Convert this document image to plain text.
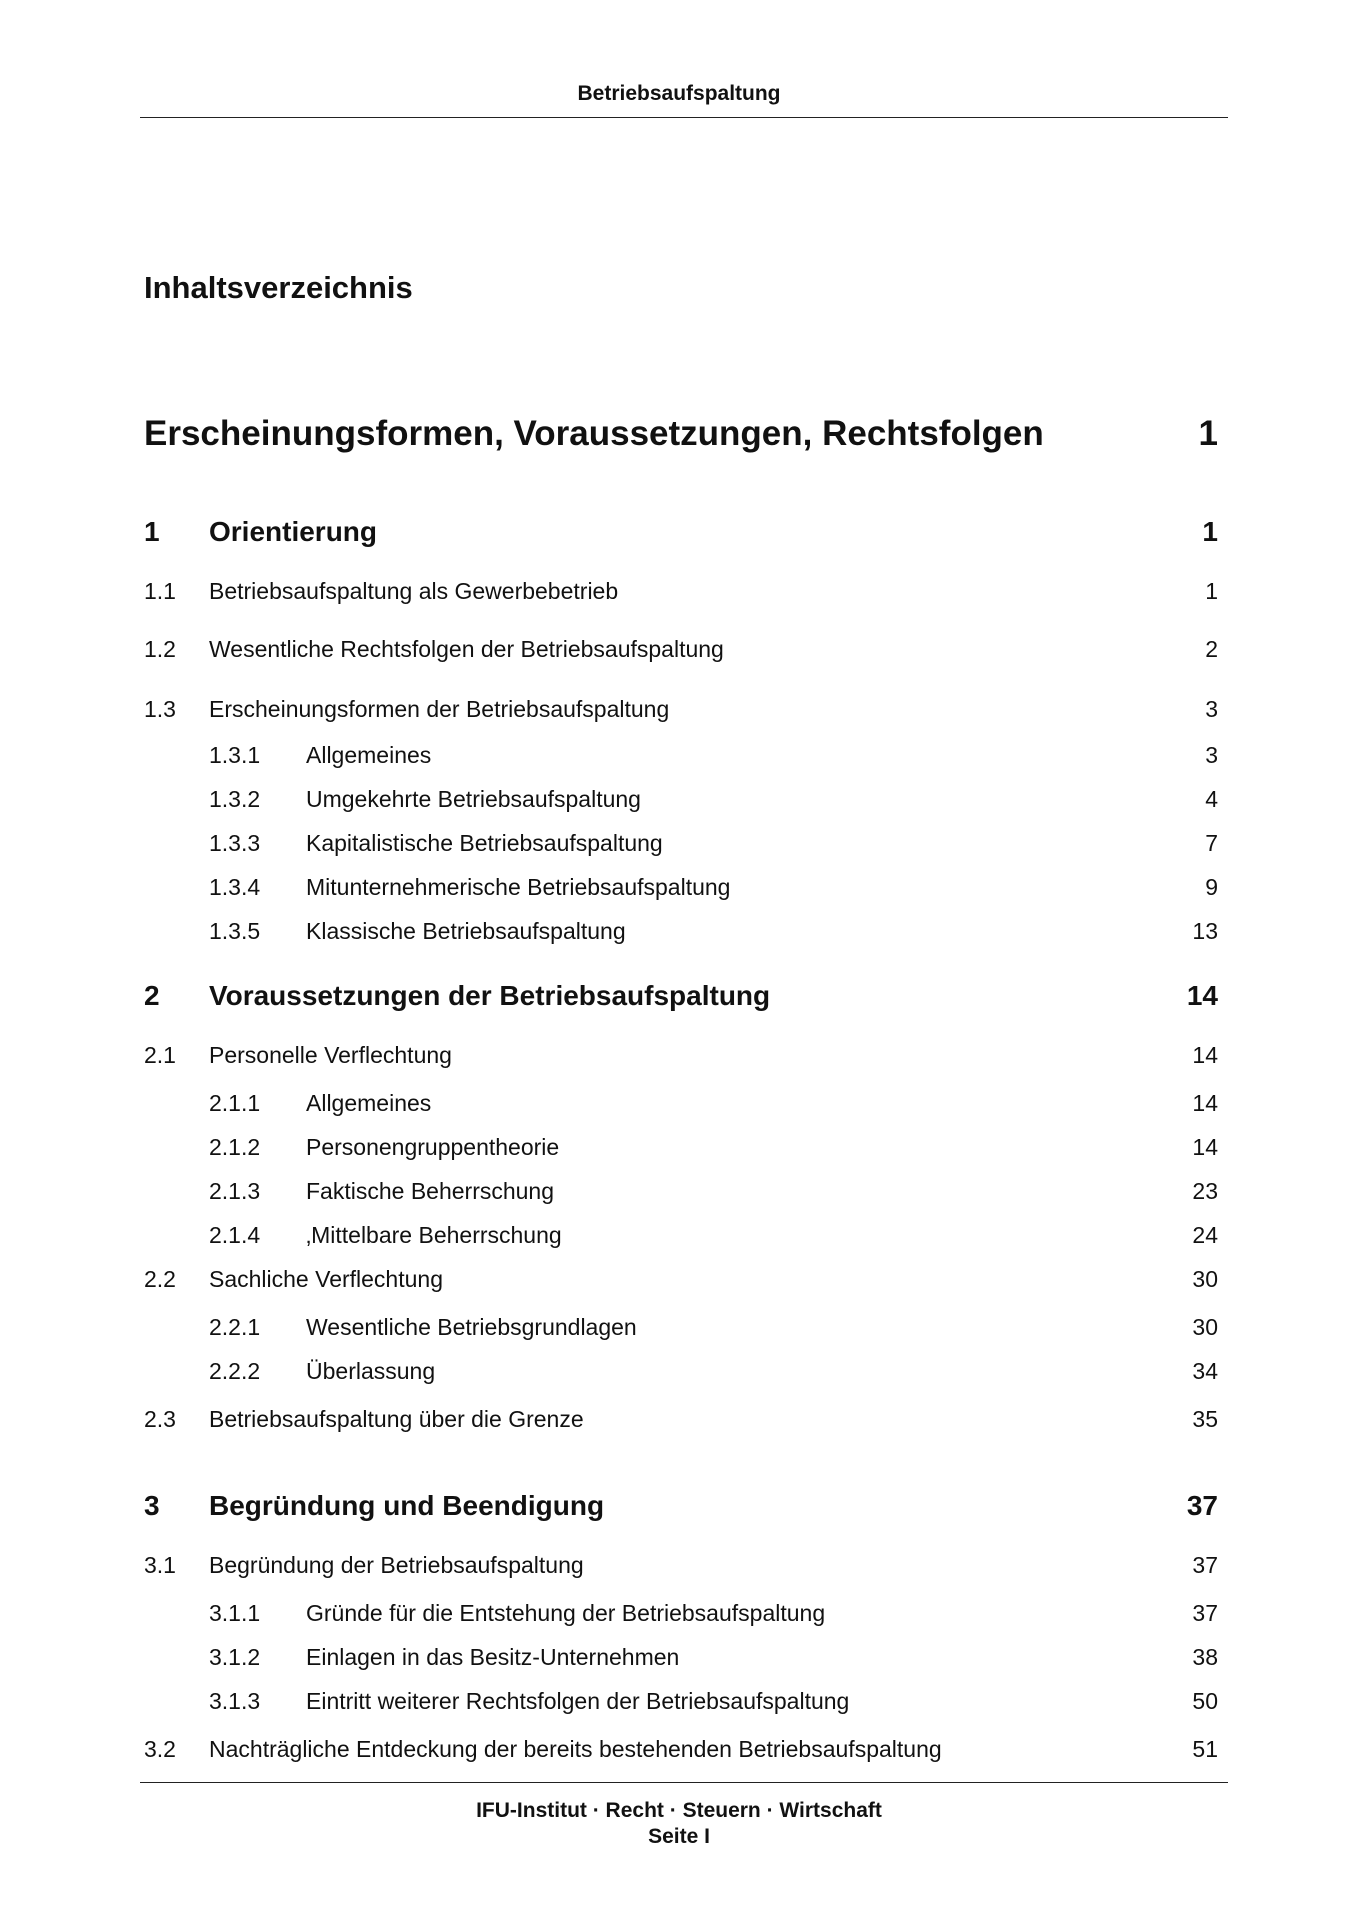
Betriebsaufspaltung
Inhaltsverzeichnis
Erscheinungsformen, Voraussetzungen, Rechtsfolgen	1
1 Orientierung	1
1.1 Betriebsaufspaltung als Gewerbebetrieb	1
1.2 Wesentliche Rechtsfolgen der Betriebsaufspaltung	2
1.3 Erscheinungsformen der Betriebsaufspaltung	3
1.3.1 Allgemeines	3
1.3.2 Umgekehrte Betriebsaufspaltung	4
1.3.3 Kapitalistische Betriebsaufspaltung	7
1.3.4 Mitunternehmerische Betriebsaufspaltung	9
1.3.5 Klassische Betriebsaufspaltung	13
2 Voraussetzungen der Betriebsaufspaltung	14
2.1 Personelle Verflechtung	14
2.1.1 Allgemeines	14
2.1.2 Personengruppentheorie	14
2.1.3 Faktische Beherrschung	23
2.1.4 ‚Mittelbare Beherrschung	24
2.2 Sachliche Verflechtung	30
2.2.1 Wesentliche Betriebsgrundlagen	30
2.2.2 Überlassung	34
2.3 Betriebsaufspaltung über die Grenze	35
3 Begründung und Beendigung	37
3.1 Begründung der Betriebsaufspaltung	37
3.1.1 Gründe für die Entstehung der Betriebsaufspaltung	37
3.1.2 Einlagen in das Besitz-Unternehmen	38
3.1.3 Eintritt weiterer Rechtsfolgen der Betriebsaufspaltung	50
3.2 Nachträgliche Entdeckung der bereits bestehenden Betriebsaufspaltung	51
IFU-Institut · Recht · Steuern · Wirtschaft
Seite I
